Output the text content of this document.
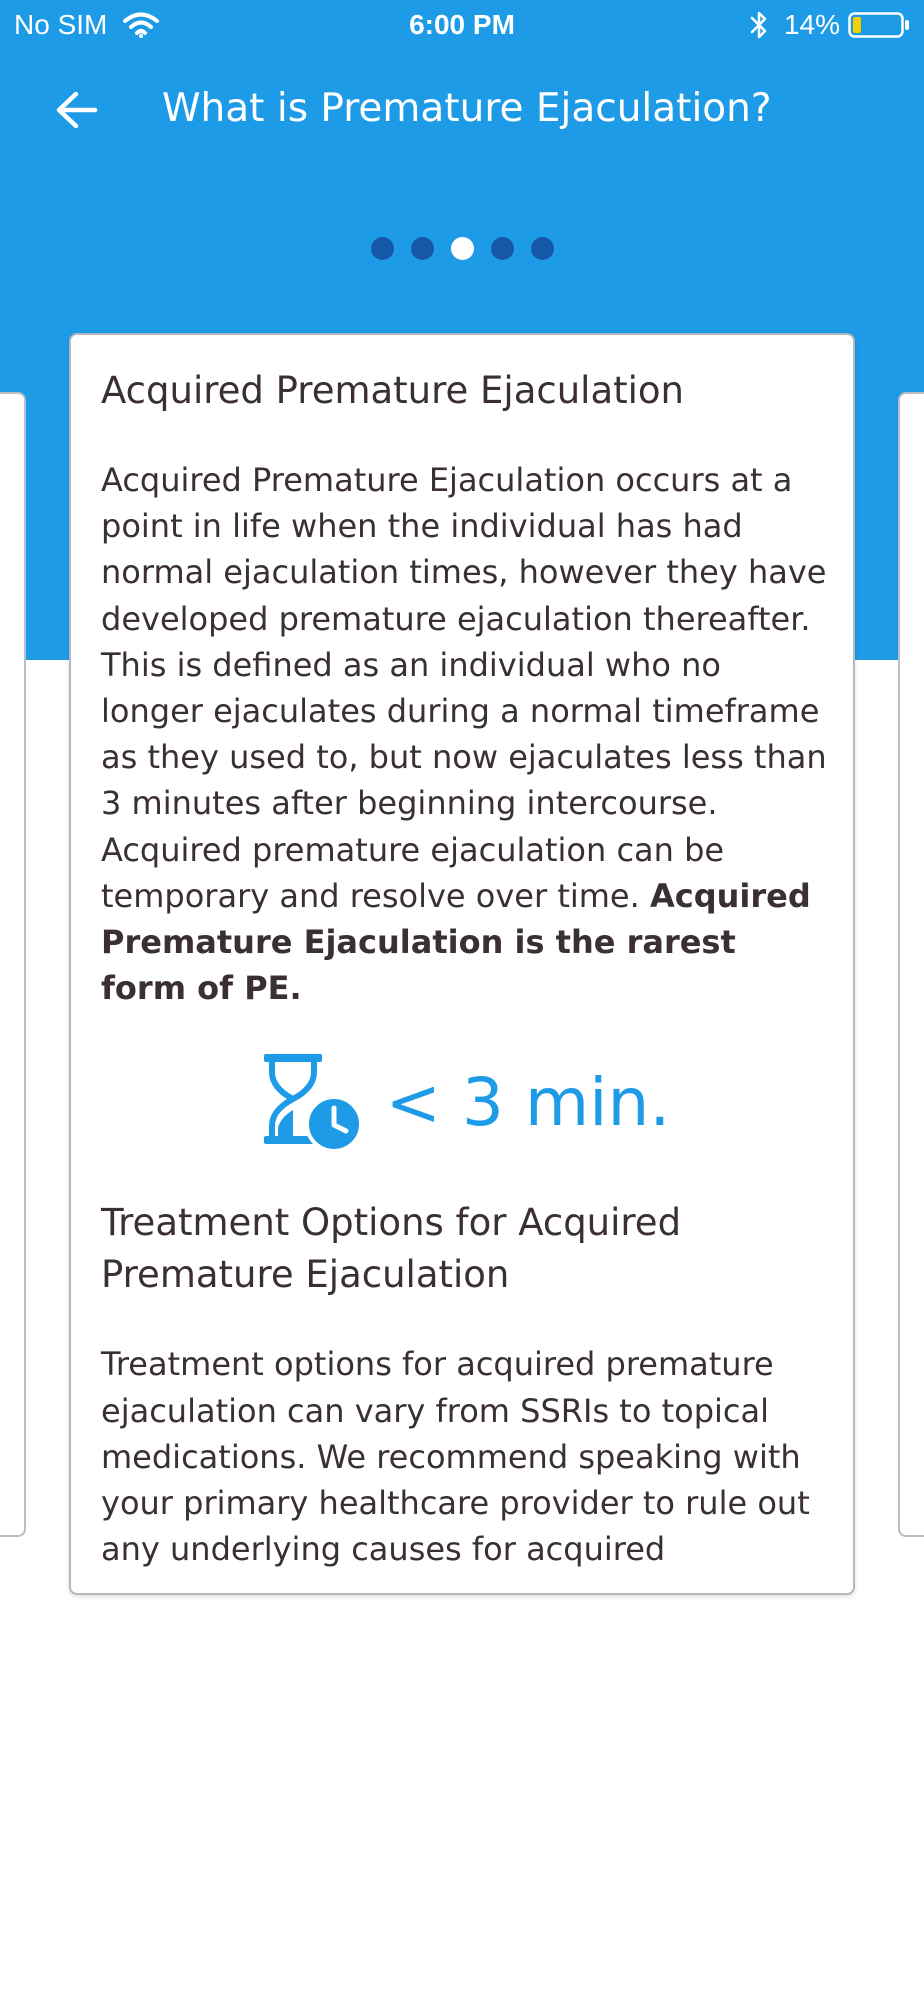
No SIM	6:00 PM	14%
What is Premature Ejaculation?
Acquired Premature Ejaculation

Acquired Premature Ejaculation occurs at a point in life when the individual has had normal ejaculation times, however they have developed premature ejaculation thereafter. This is defined as an individual who no longer ejaculates during a normal timeframe as they used to, but now ejaculates less than 3 minutes after beginning intercourse. Acquired premature ejaculation can be temporary and resolve over time. Acquired Premature Ejaculation is the rarest form of PE.

< 3 min.
Treatment Options for Acquired Premature Ejaculation

Treatment options for acquired premature ejaculation can vary from SSRIs to topical medications. We recommend speaking with your primary healthcare provider to rule out any underlying causes for acquired
